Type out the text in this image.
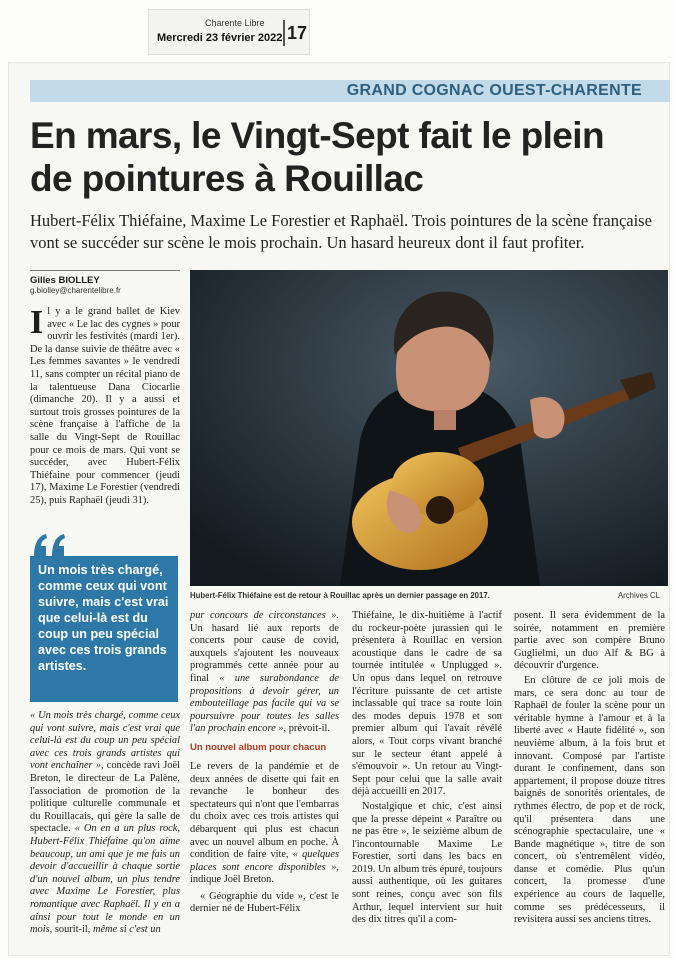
Charente Libre
Mercredi 23 février 2022 17
GRAND COGNAC OUEST-CHARENTE
En mars, le Vingt-Sept fait le plein
de pointures à Rouillac
Hubert-Félix Thiéfaine, Maxime Le Forestier et Raphaël. Trois pointures de la scène française vont se succéder sur scène le mois prochain. Un hasard heureux dont il faut profiter.
Gilles BIOLLEY
g.biolley@charentelibre.fr
Il y a le grand ballet de Kiev avec « Le lac des cygnes » pour ouvrir les festivités (mardi 1er). De la danse suivie de théâtre avec « Les femmes savantes » le vendredi 11, sans compter un récital piano de la talentueuse Dana Ciocarlie (dimanche 20). Il y a aussi et surtout trois grosses pointures de la scène française à l'affiche de la salle du Vingt-Sept de Rouillac pour ce mois de mars. Qui vont se succéder, avec Hubert-Félix Thiéfaine pour commencer (jeudi 17), Maxime Le Forestier (vendredi 25), puis Raphaël (jeudi 31).
Un mois très chargé, comme ceux qui vont suivre, mais c'est vrai que celui-là est du coup un peu spécial avec ces trois grands artistes.
« Un mois très chargé, comme ceux qui vont suivre, mais c'est vrai que celui-là est du coup un peu spécial avec ces trois grands artistes qui vont enchaîner », concède ravi Joël Breton, le directeur de La Palène, l'association de promotion de la politique culturelle communale et du Rouillacais, qui gère la salle de spectacle. « On en a un plus rock, Hubert-Félix Thiéfaine qu'on aime beaucoup, un ami que je me fais un devoir d'accueillir à chaque sortie d'un nouvel album, un plus tendre avec Maxime Le Forestier, plus romantique avec Raphaël. Il y en a ainsi pour tout le monde en un mois, sourit-il, même si c'est un
Hubert-Félix Thiéfaine est de retour à Rouillac après un dernier passage en 2017.	Archives CL
pur concours de circonstances ». Un hasard lié aux reports de concerts pour cause de covid, auxquels s'ajoutent les nouveaux programmés cette année pour au final « une surabondance de propositions à devoir gérer, un embouteillage pas facile qui va se poursuivre pour toutes les salles l'an prochain encore », prévoit-il.
Un nouvel album pour chacun
Le revers de la pandémie et de deux années de disette qui fait en revanche le bonheur des spectateurs qui n'ont que l'embarras du choix avec ces trois artistes qui débarquent qui plus est chacun avec un nouvel album en poche. À condition de faire vite, « quelques places sont encore disponibles », indique Joël Breton.
« Géographie du vide », c'est le dernier né de Hubert-Félix
Thiéfaine, le dix-huitième à l'actif du rockeur-poète jurassien qui le présentera à Rouillac en version acoustique dans le cadre de sa tournée intitulée « Unplugged ». Un opus dans lequel on retrouve l'écriture puissante de cet artiste inclassable qui trace sa route loin des modes depuis 1978 et son premier album qui l'avait révélé alors, « Tout corps vivant branché sur le secteur étant appelé à s'émouvoir ». Un retour au Vingt-Sept pour celui que la salle avait déjà accueilli en 2017.
Nostalgique et chic, c'est ainsi que la presse dépeint « Paraître ou ne pas être », le seizième album de l'incontournable Maxime Le Forestier, sorti dans les bacs en 2019. Un album très épuré, toujours aussi authentique, où les guitares sont reines, conçu avec son fils Arthur, lequel intervient sur huit des dix titres qu'il a com-
posent. Il sera évidemment de la soirée, notamment en première partie avec son compère Bruno Guglielmi, un duo Alf & BG à découvrir d'urgence.
En clôture de ce joli mois de mars, ce sera donc au tour de Raphaël de fouler la scène pour un véritable hymne à l'amour et à la liberté avec « Haute fidélité », son neuvième album, à la fois brut et innovant. Composé par l'artiste durant le confinement, dans son appartement, il propose douze titres baignés de sonorités orientales, de rythmes électro, de pop et de rock, qu'il présentera dans une scénographie spectaculaire, une « Bande magnétique », titre de son concert, où s'entremêlent vidéo, danse et comédie. Plus qu'un concert, la promesse d'une expérience au cours de laquelle, comme ses prédécesseurs, il revisitera aussi ses anciens titres.
